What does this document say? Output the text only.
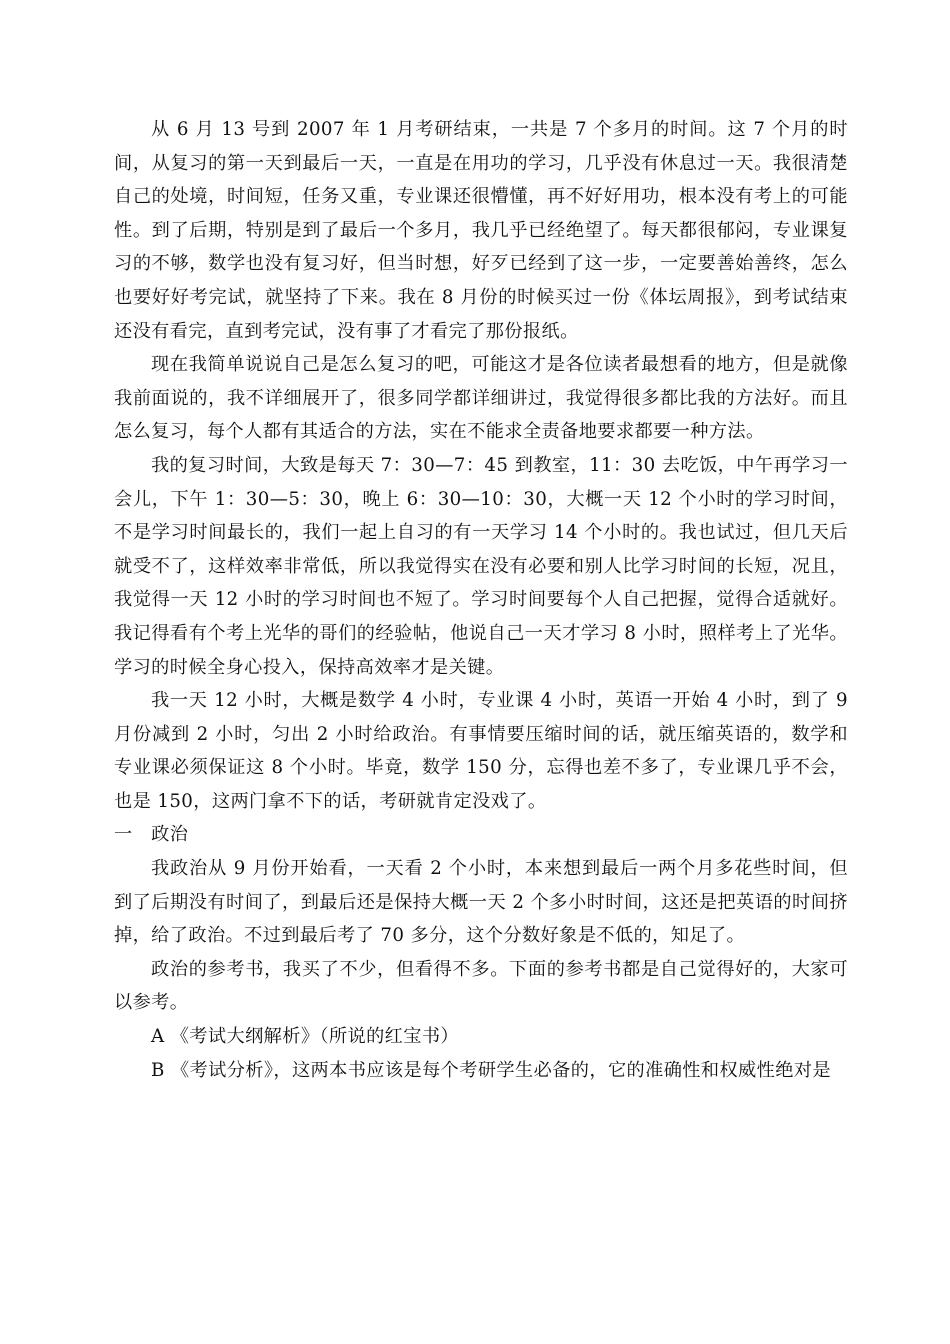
从 6 月 13 号到 2007 年 1 月考研结束，一共是 7 个多月的时间。这 7 个月的时间，从复习的第一天到最后一天，一直是在用功的学习，几乎没有休息过一天。我很清楚自己的处境，时间短，任务又重，专业课还很懵懂，再不好好用功，根本没有考上的可能性。到了后期，特别是到了最后一个多月，我几乎已经绝望了。每天都很郁闷，专业课复习的不够，数学也没有复习好，但当时想，好歹已经到了这一步，一定要善始善终，怎么也要好好考完试，就坚持了下来。我在 8 月份的时候买过一份《体坛周报》，到考试结束还没有看完，直到考完试，没有事了才看完了那份报纸。

现在我简单说说自己是怎么复习的吧，可能这才是各位读者最想看的地方，但是就像我前面说的，我不详细展开了，很多同学都详细讲过，我觉得很多都比我的方法好。而且怎么复习，每个人都有其适合的方法，实在不能求全责备地要求都要一种方法。

我的复习时间，大致是每天 7：30—7：45 到教室，11：30 去吃饭，中午再学习一会儿，下午 1：30—5：30，晚上 6：30—10：30，大概一天 12 个小时的学习时间，不是学习时间最长的，我们一起上自习的有一天学习 14 个小时的。我也试过，但几天后就受不了，这样效率非常低，所以我觉得实在没有必要和别人比学习时间的长短，况且，我觉得一天 12 小时的学习时间也不短了。学习时间要每个人自己把握，觉得合适就好。我记得看有个考上光华的哥们的经验帖，他说自己一天才学习 8 小时，照样考上了光华。学习的时候全身心投入，保持高效率才是关键。

我一天 12 小时，大概是数学 4 小时，专业课 4 小时，英语一开始 4 小时，到了 9 月份减到 2 小时，匀出 2 小时给政治。有事情要压缩时间的话，就压缩英语的，数学和专业课必须保证这 8 个小时。毕竟，数学 150 分，忘得也差不多了，专业课几乎不会，也是 150，这两门拿不下的话，考研就肯定没戏了。

一　政治

我政治从 9 月份开始看，一天看 2 个小时，本来想到最后一两个月多花些时间，但到了后期没有时间了，到最后还是保持大概一天 2 个多小时时间，这还是把英语的时间挤掉，给了政治。不过到最后考了 70 多分，这个分数好象是不低的，知足了。

政治的参考书，我买了不少，但看得不多。下面的参考书都是自己觉得好的，大家可以参考。

A 《考试大纲解析》（所说的红宝书）

B 《考试分析》，这两本书应该是每个考研学生必备的，它的准确性和权威性绝对是
